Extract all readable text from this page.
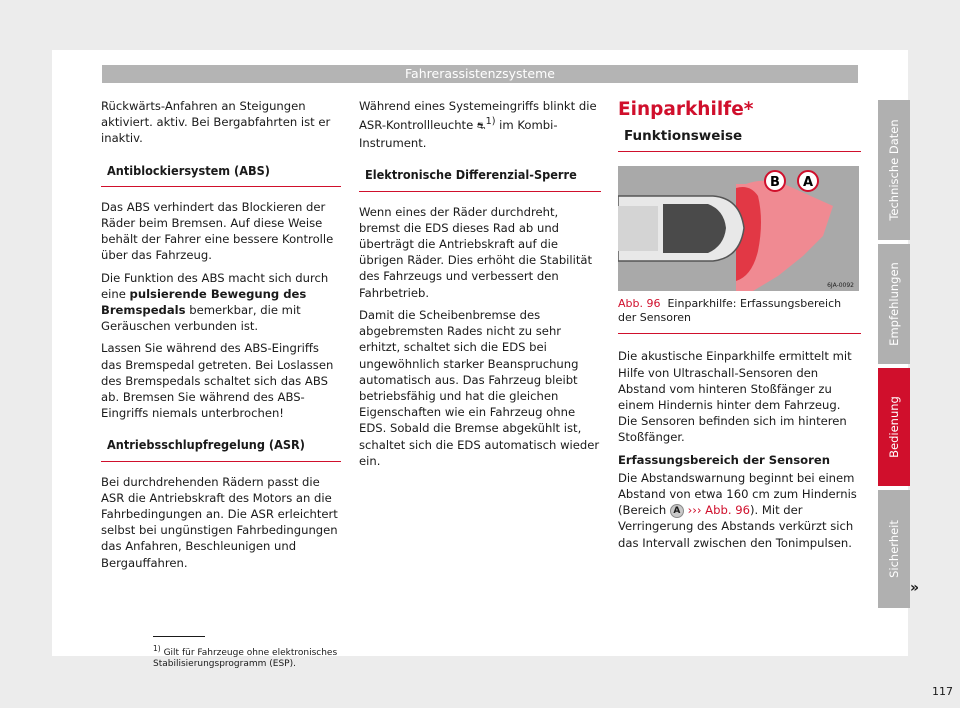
Fahrerassistenzsysteme

Rückwärts-Anfahren an Steigungen aktiviert. aktiv. Bei Bergabfahrten ist er inaktiv.

Antiblockiersystem (ABS)

Das ABS verhindert das Blockieren der Räder beim Bremsen. Auf diese Weise behält der Fahrer eine bessere Kontrolle über das Fahrzeug.

Die Funktion des ABS macht sich durch eine pulsierende Bewegung des Bremspedals bemerkbar, die mit Geräuschen verbunden ist.

Lassen Sie während des ABS-Eingriffs das Bremspedal getreten. Bei Loslassen des Bremspedals schaltet sich das ABS ab. Bremsen Sie während des ABS-Eingriffs niemals unterbrochen!

Antriebsschlupfregelung (ASR)

Bei durchdrehenden Rädern passt die ASR die Antriebskraft des Motors an die Fahrbedingungen an. Die ASR erleichtert selbst bei ungünstigen Fahrbedingungen das Anfahren, Beschleunigen und Bergauffahren.

Während eines Systemeingriffs blinkt die ASR-Kontrollleuchte ⛐$^{1)}$ im Kombi-Instrument.

Elektronische Differenzial-Sperre

Wenn eines der Räder durchdreht, bremst die EDS dieses Rad ab und überträgt die Antriebskraft auf die übrigen Räder. Dies erhöht die Stabilität des Fahrzeugs und verbessert den Fahrbetrieb.

Damit die Scheibenbremse des abgebremsten Rades nicht zu sehr erhitzt, schaltet sich die EDS bei ungewöhnlich starker Beanspruchung automatisch aus. Das Fahrzeug bleibt betriebsfähig und hat die gleichen Eigenschaften wie ein Fahrzeug ohne EDS. Sobald die Bremse abgekühlt ist, schaltet sich die EDS automatisch wieder ein.

Einparkhilfe*
Funktionsweise
B A
6JA-0092
Abb. 96 Einparkhilfe: Erfassungsbereich der Sensoren

Die akustische Einparkhilfe ermittelt mit Hilfe von Ultraschall-Sensoren den Abstand vom hinteren Stoßfänger zu einem Hindernis hinter dem Fahrzeug. Die Sensoren befinden sich im hinteren Stoßfänger.

Erfassungsbereich der Sensoren

Die Abstandswarnung beginnt bei einem Abstand von etwa 160 cm zum Hindernis (Bereich A ››› Abb. 96). Mit der Verringerung des Abstands verkürzt sich das Intervall zwischen den Tonimpulsen.

»
$^{1)}$ Gilt für Fahrzeuge ohne elektronisches Stabilisierungsprogramm (ESP).
117
Technische Daten
Empfehlungen
Bedienung
Sicherheit
